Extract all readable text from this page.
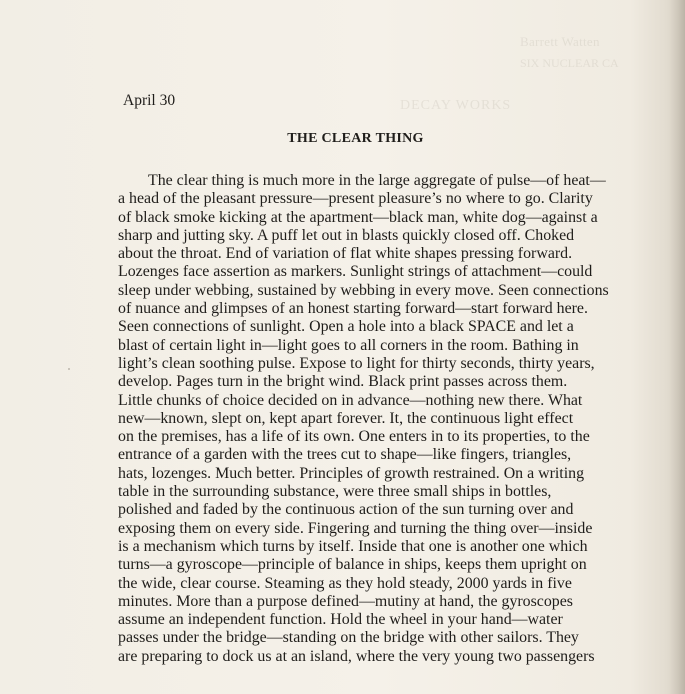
Barrett Watten
SIX NUCLEAR CA
DECAY WORKS
April 30
THE CLEAR THING

The clear thing is much more in the large aggregate of pulse—of heat—
a head of the pleasant pressure—present pleasure’s no where to go. Clarity
of black smoke kicking at the apartment—black man, white dog—against a
sharp and jutting sky. A puff let out in blasts quickly closed off. Choked
about the throat. End of variation of flat white shapes pressing forward.
Lozenges face assertion as markers. Sunlight strings of attachment—could
sleep under webbing, sustained by webbing in every move. Seen connections
of nuance and glimpses of an honest starting forward—start forward here.
Seen connections of sunlight. Open a hole into a black SPACE and let a
blast of certain light in—light goes to all corners in the room. Bathing in
light’s clean soothing pulse. Expose to light for thirty seconds, thirty years,
develop. Pages turn in the bright wind. Black print passes across them.
Little chunks of choice decided on in advance—nothing new there. What
new—known, slept on, kept apart forever. It, the continuous light effect
on the premises, has a life of its own. One enters in to its properties, to the
entrance of a garden with the trees cut to shape—like fingers, triangles,
hats, lozenges. Much better. Principles of growth restrained. On a writing
table in the surrounding substance, were three small ships in bottles,
polished and faded by the continuous action of the sun turning over and
exposing them on every side. Fingering and turning the thing over—inside
is a mechanism which turns by itself. Inside that one is another one which
turns—a gyroscope—principle of balance in ships, keeps them upright on
the wide, clear course. Steaming as they hold steady, 2000 yards in five
minutes. More than a purpose defined—mutiny at hand, the gyroscopes
assume an independent function. Hold the wheel in your hand—water
passes under the bridge—standing on the bridge with other sailors. They
are preparing to dock us at an island, where the very young two passengers
